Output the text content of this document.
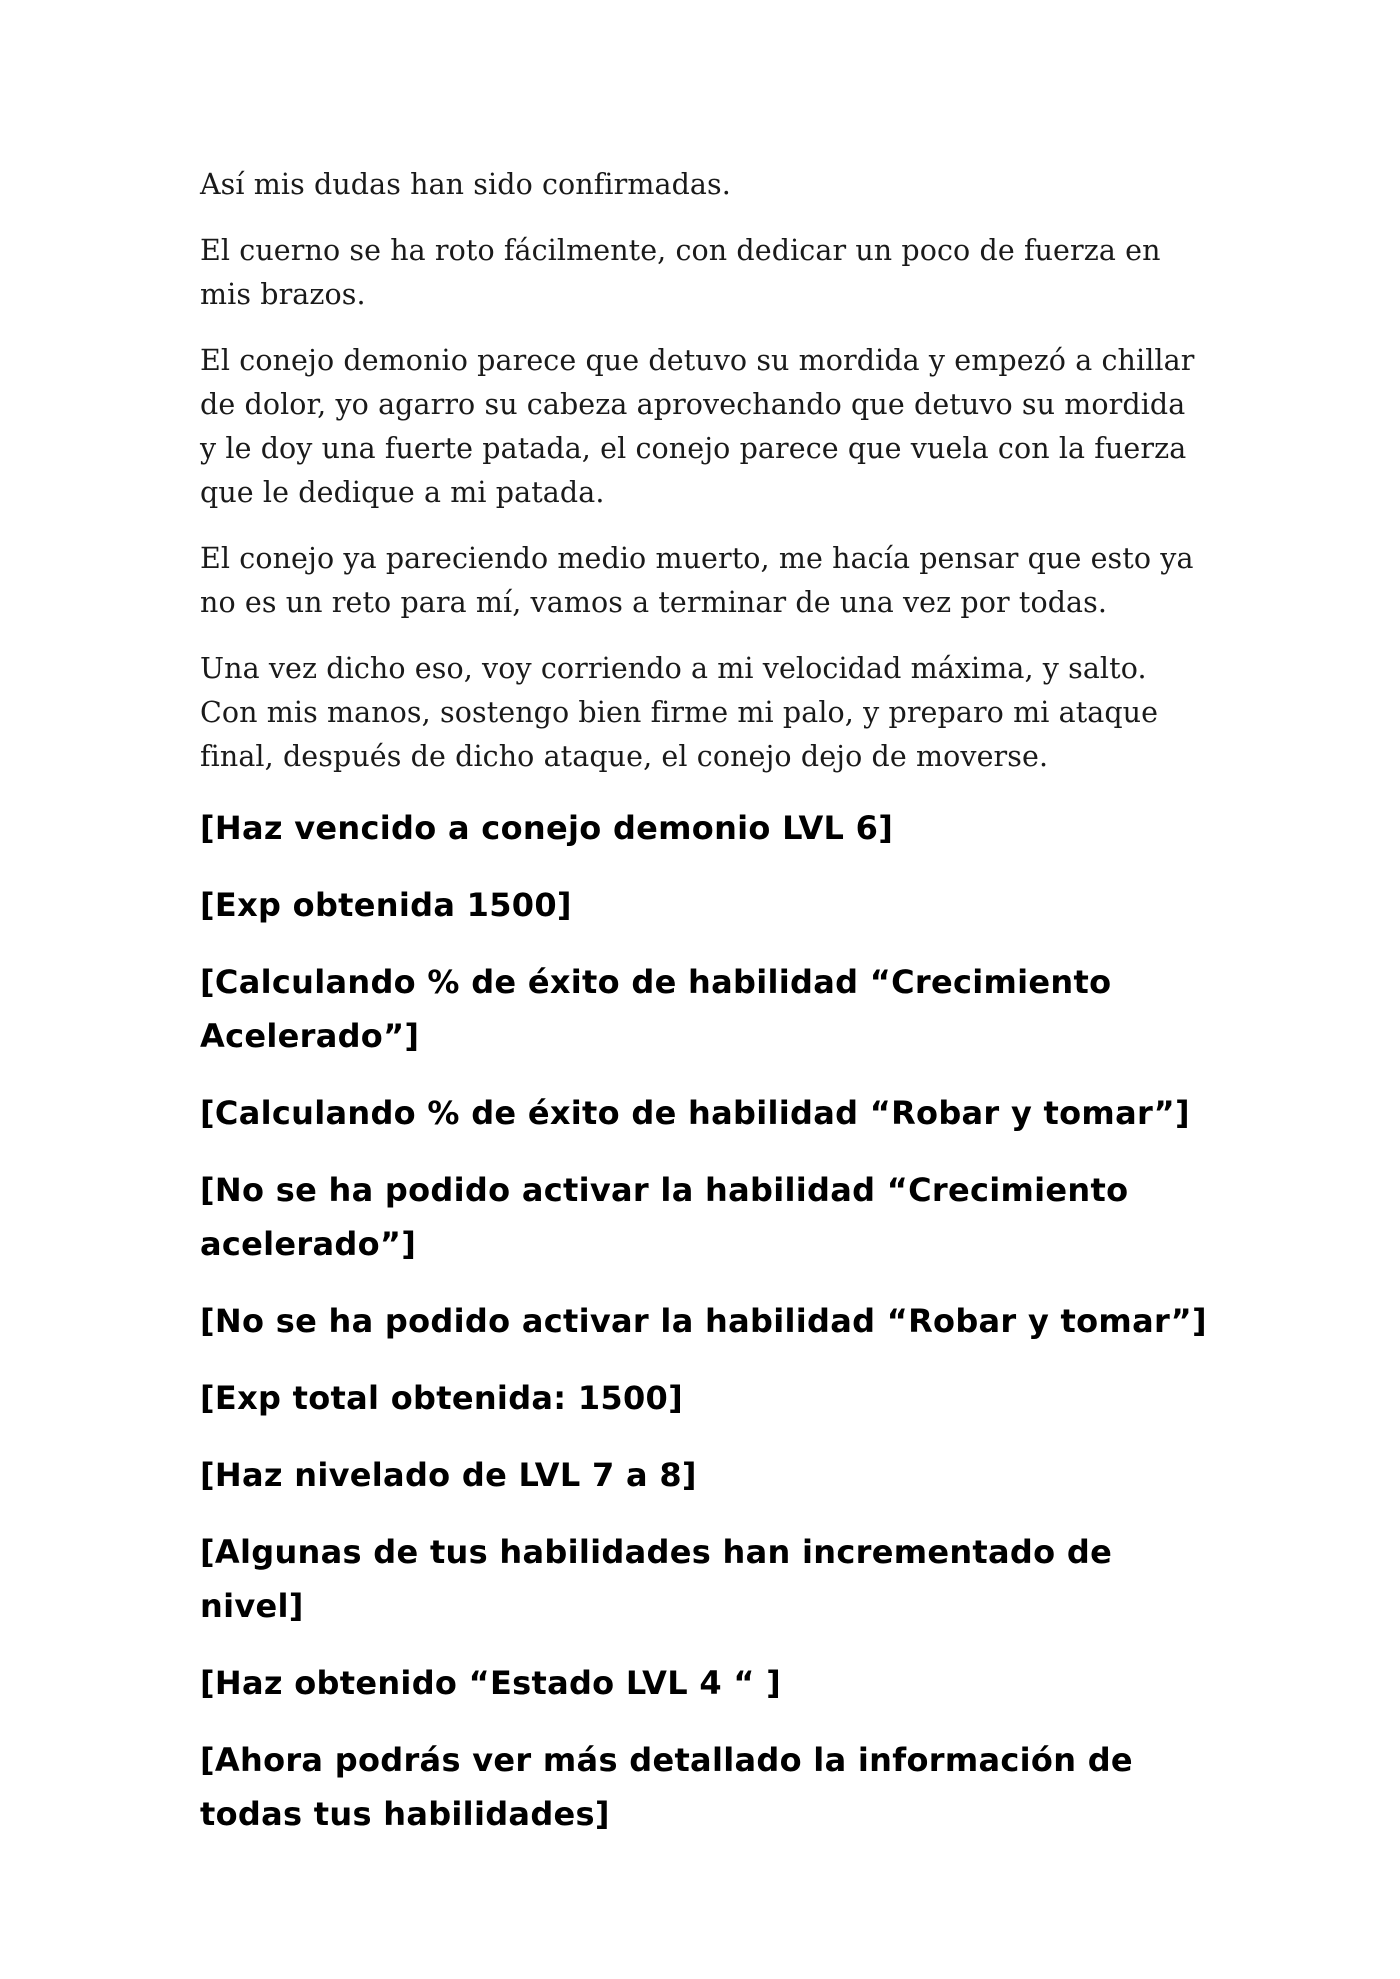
Así mis dudas han sido confirmadas.

El cuerno se ha roto fácilmente, con dedicar un poco de fuerza en mis brazos.

El conejo demonio parece que detuvo su mordida y empezó a chillar de dolor, yo agarro su cabeza aprovechando que detuvo su mordida y le doy una fuerte patada, el conejo parece que vuela con la fuerza que le dedique a mi patada.

El conejo ya pareciendo medio muerto, me hacía pensar que esto ya no es un reto para mí, vamos a terminar de una vez por todas.

Una vez dicho eso, voy corriendo a mi velocidad máxima, y salto. Con mis manos, sostengo bien firme mi palo, y preparo mi ataque final, después de dicho ataque, el conejo dejo de moverse.

[Haz vencido a conejo demonio LVL 6]

[Exp obtenida 1500]

[Calculando % de éxito de habilidad “Crecimiento Acelerado”]

[Calculando % de éxito de habilidad “Robar y tomar”]

[No se ha podido activar la habilidad “Crecimiento acelerado”]

[No se ha podido activar la habilidad “Robar y tomar”]

[Exp total obtenida: 1500]

[Haz nivelado de LVL 7 a 8]

[Algunas de tus habilidades han incrementado de nivel]

[Haz obtenido “Estado LVL 4 “ ]

[Ahora podrás ver más detallado la información de todas tus habilidades]
